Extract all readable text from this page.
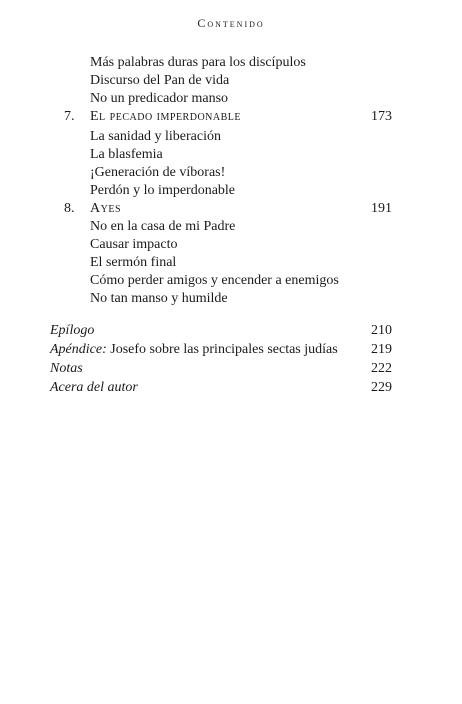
Contenido
Más palabras duras para los discípulos
Discurso del Pan de vida
No un predicador manso
7. El pecado imperdonable	173
La sanidad y liberación
La blasfemia
¡Generación de víboras!
Perdón y lo imperdonable
8. Ayes	191
No en la casa de mi Padre
Causar impacto
El sermón final
Cómo perder amigos y encender a enemigos
No tan manso y humilde
Epílogo	210
Apéndice: Josefo sobre las principales sectas judías 219
Notas	222
Acera del autor	229
